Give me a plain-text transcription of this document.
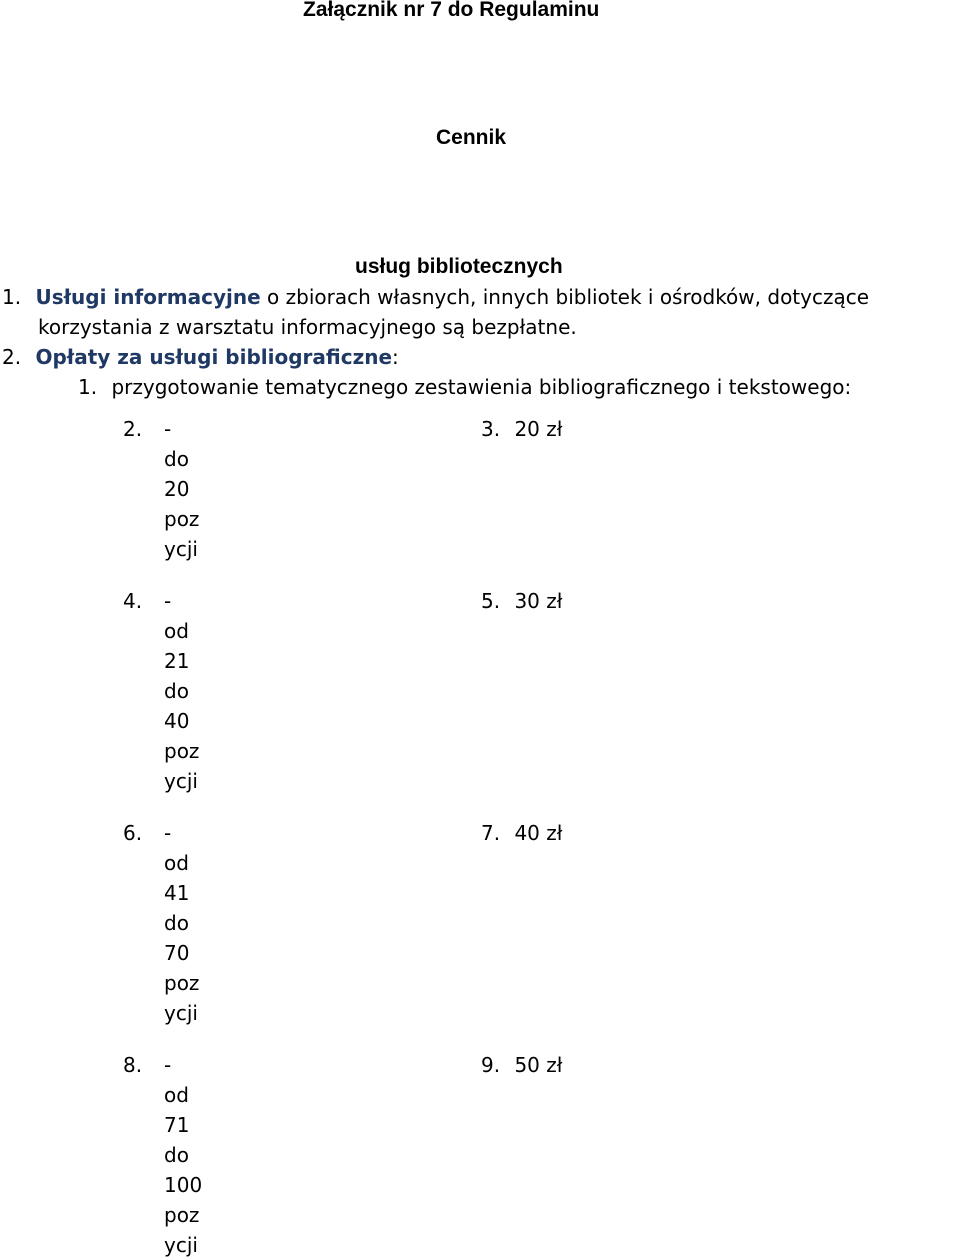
Załącznik nr 7 do Regulaminu
Cennik
usług bibliotecznych
1. Usługi informacyjne o zbiorach własnych, innych bibliotek i ośrodków, dotyczące
korzystania z warsztatu informacyjnego są bezpłatne.
2. Opłaty za usługi bibliograficzne:
1. przygotowanie tematycznego zestawienia bibliograficznego i tekstowego:
2. -
do
20
poz
ycji
3. 20 zł
4. -
od
21
do
40
poz
ycji
5. 30 zł
6. -
od
41
do
70
poz
ycji
7. 40 zł
8. -
od
71
do
100
poz
ycji
9. 50 zł
